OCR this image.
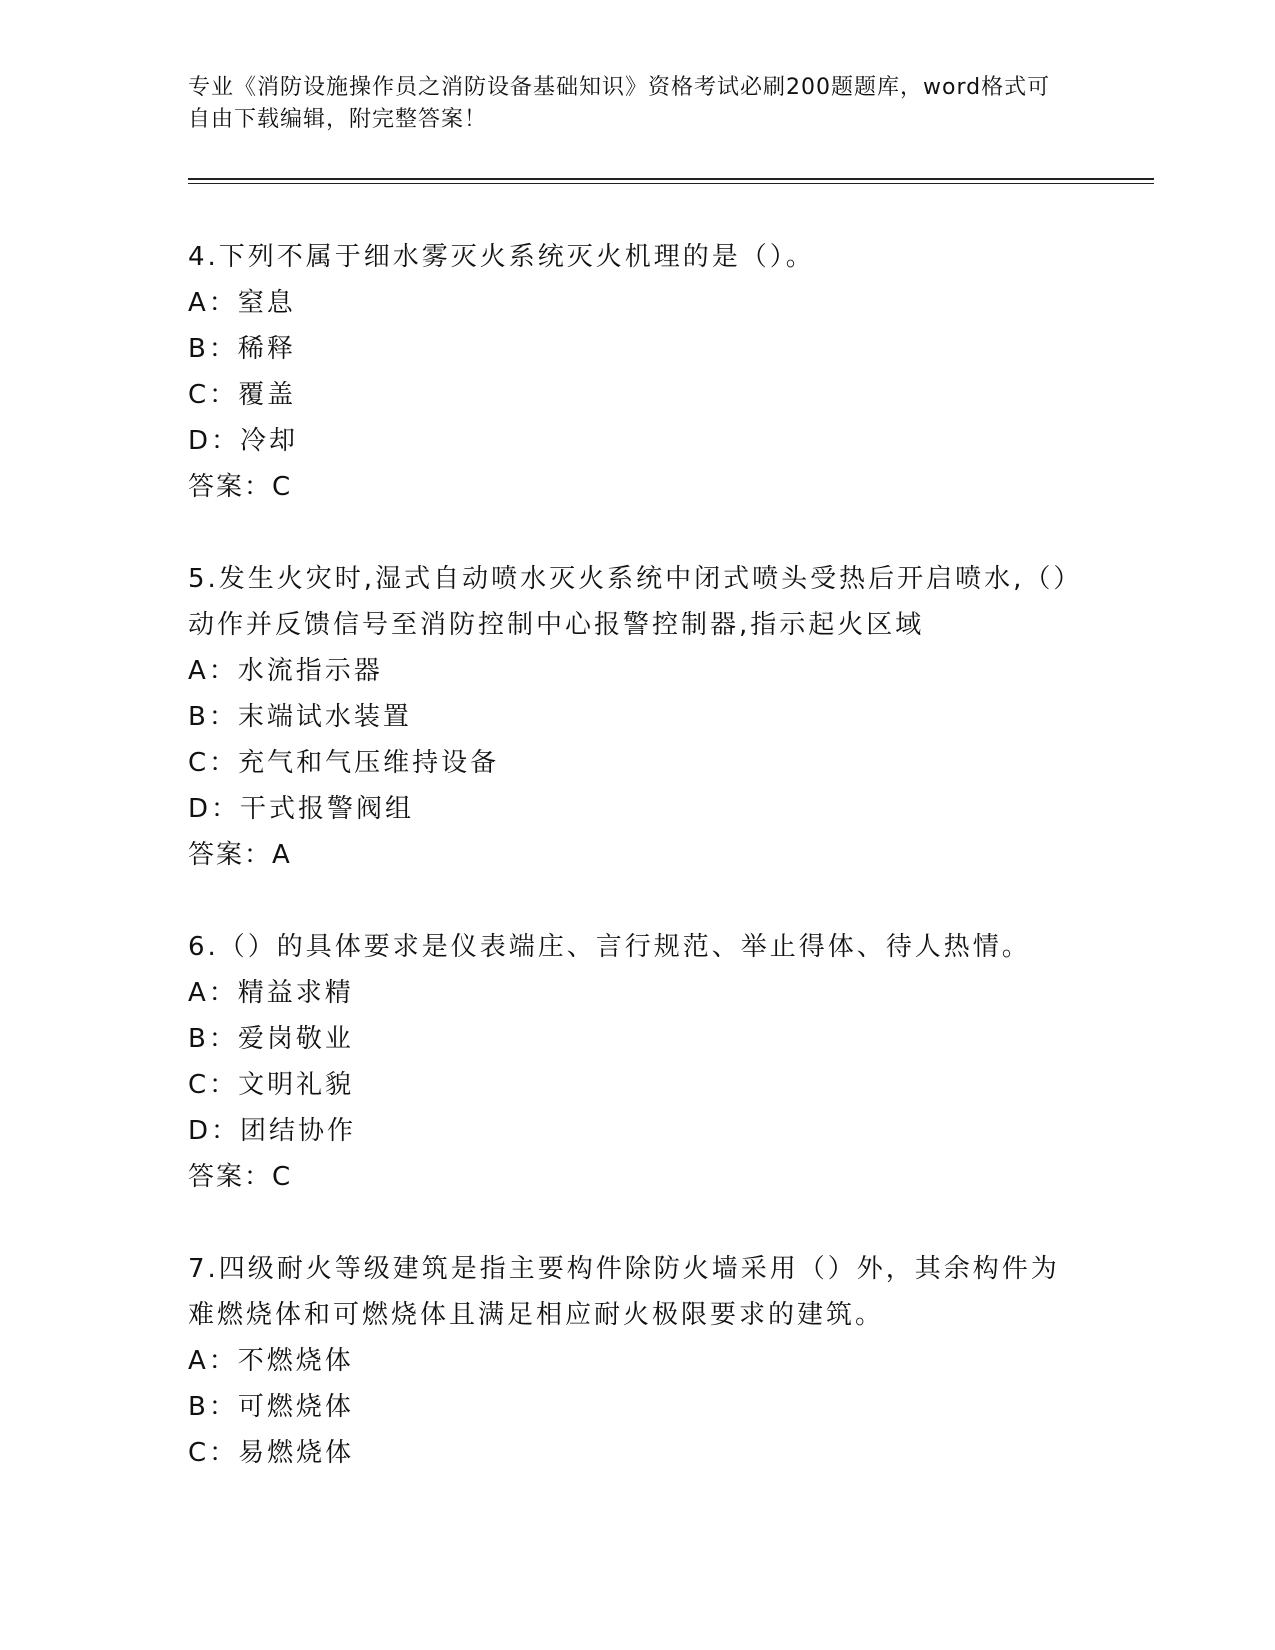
专业《消防设施操作员之消防设备基础知识》资格考试必刷200题题库，word格式可自由下载编辑，附完整答案！

4.下列不属于细水雾灭火系统灭火机理的是（）。

A：窒息

B：稀释

C：覆盖

D：冷却

答案：C

5.发生火灾时,湿式自动喷水灭火系统中闭式喷头受热后开启喷水,（）动作并反馈信号至消防控制中心报警控制器,指示起火区域

A：水流指示器

B：末端试水装置

C：充气和气压维持设备

D：干式报警阀组

答案：A

6.（）的具体要求是仪表端庄、言行规范、举止得体、待人热情。

A：精益求精

B：爱岗敬业

C：文明礼貌

D：团结协作

答案：C

7.四级耐火等级建筑是指主要构件除防火墙采用（）外，其余构件为难燃烧体和可燃烧体且满足相应耐火极限要求的建筑。

A：不燃烧体

B：可燃烧体

C：易燃烧体
